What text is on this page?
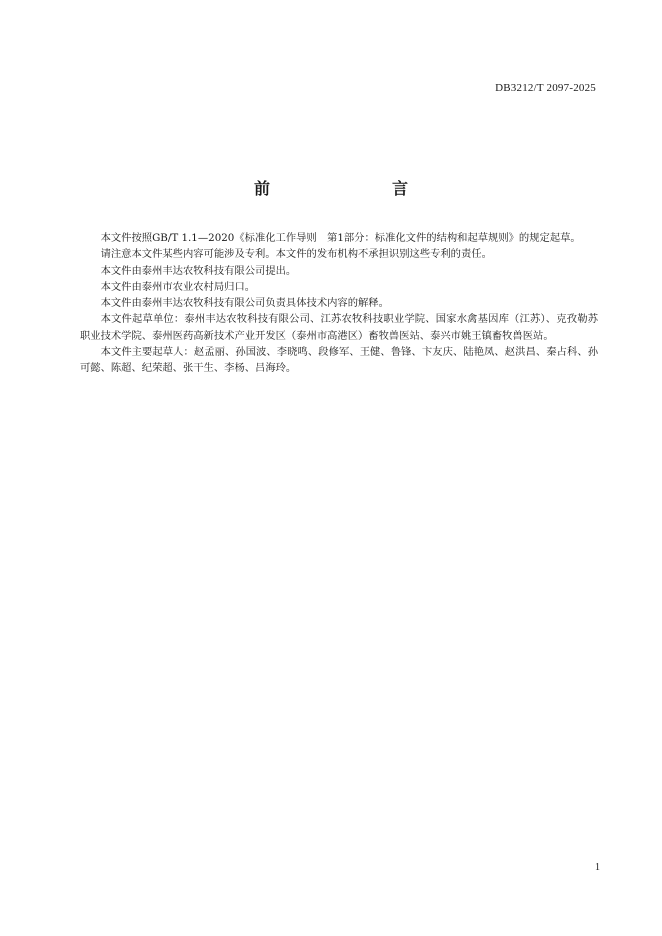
DB3212/T 2097-2025
前　　言

本文件按照GB/T 1.1—2020《标准化工作导则　第1部分：标准化文件的结构和起草规则》的规定起草。

请注意本文件某些内容可能涉及专利。本文件的发布机构不承担识别这些专利的责任。

本文件由泰州丰达农牧科技有限公司提出。

本文件由泰州市农业农村局归口。

本文件由泰州丰达农牧科技有限公司负责具体技术内容的解释。

本文件起草单位：泰州丰达农牧科技有限公司、江苏农牧科技职业学院、国家水禽基因库（江苏）、克孜勒苏职业技术学院、泰州医药高新技术产业开发区（泰州市高港区）畜牧兽医站、泰兴市姚王镇畜牧兽医站。

本文件主要起草人：赵孟丽、孙国波、李晓鸣、段修军、王健、鲁锋、卞友庆、陆艳凤、赵洪昌、秦占科、孙可懿、陈超、纪荣超、张干生、李杨、吕海玲。

1
